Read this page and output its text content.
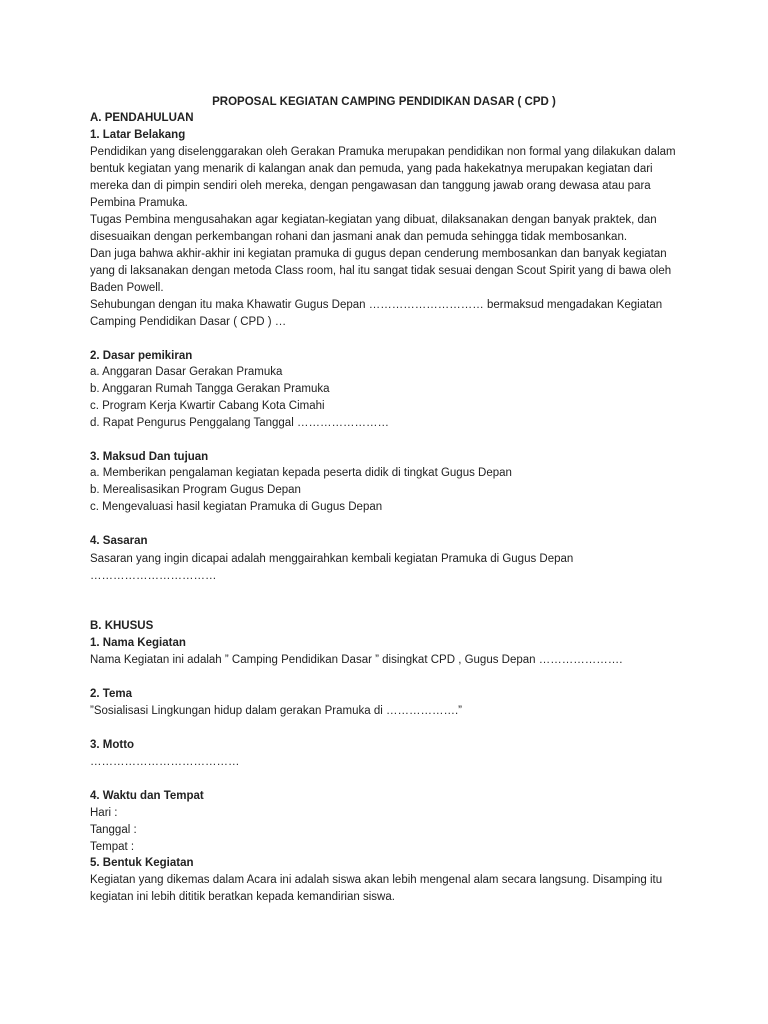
PROPOSAL KEGIATAN CAMPING PENDIDIKAN DASAR ( CPD )
A. PENDAHULUAN
1. Latar Belakang
Pendidikan yang diselenggarakan oleh Gerakan Pramuka merupakan pendidikan non formal yang dilakukan dalam
bentuk kegiatan yang menarik di kalangan anak dan pemuda, yang pada hakekatnya merupakan kegiatan dari
mereka dan di pimpin sendiri oleh mereka, dengan pengawasan dan tanggung jawab orang dewasa atau para
Pembina Pramuka.
Tugas Pembina mengusahakan agar kegiatan-kegiatan yang dibuat, dilaksanakan dengan banyak praktek, dan
disesuaikan dengan perkembangan rohani dan jasmani anak dan pemuda sehingga tidak membosankan.
Dan juga bahwa akhir-akhir ini kegiatan pramuka di gugus depan cenderung membosankan dan banyak kegiatan
yang di laksanakan dengan metoda Class room, hal itu sangat tidak sesuai dengan Scout Spirit yang di bawa oleh
Baden Powell.
Sehubungan dengan itu maka Khawatir Gugus Depan ………………………… bermaksud mengadakan Kegiatan
Camping Pendidikan Dasar ( CPD ) …
2. Dasar pemikiran
a. Anggaran Dasar Gerakan Pramuka
b. Anggaran Rumah Tangga Gerakan Pramuka
c. Program Kerja Kwartir Cabang Kota Cimahi
d. Rapat Pengurus Penggalang Tanggal ……………………
3. Maksud Dan tujuan
a. Memberikan pengalaman kegiatan kepada peserta didik di tingkat Gugus Depan
b. Merealisasikan Program Gugus Depan
c. Mengevaluasi hasil kegiatan Pramuka di Gugus Depan
4. Sasaran
Sasaran yang ingin dicapai adalah menggairahkan kembali kegiatan Pramuka di Gugus Depan
……………………………
B. KHUSUS
1. Nama Kegiatan
Nama Kegiatan ini adalah ” Camping Pendidikan Dasar ” disingkat CPD , Gugus Depan ………………….
2. Tema
”Sosialisasi Lingkungan hidup dalam gerakan Pramuka di ……………….”
3. Motto
…………………………………
4. Waktu dan Tempat
Hari :
Tanggal :
Tempat :
5. Bentuk Kegiatan
Kegiatan yang dikemas dalam Acara ini adalah siswa akan lebih mengenal alam secara langsung. Disamping itu
kegiatan ini lebih dititik beratkan kepada kemandirian siswa.
